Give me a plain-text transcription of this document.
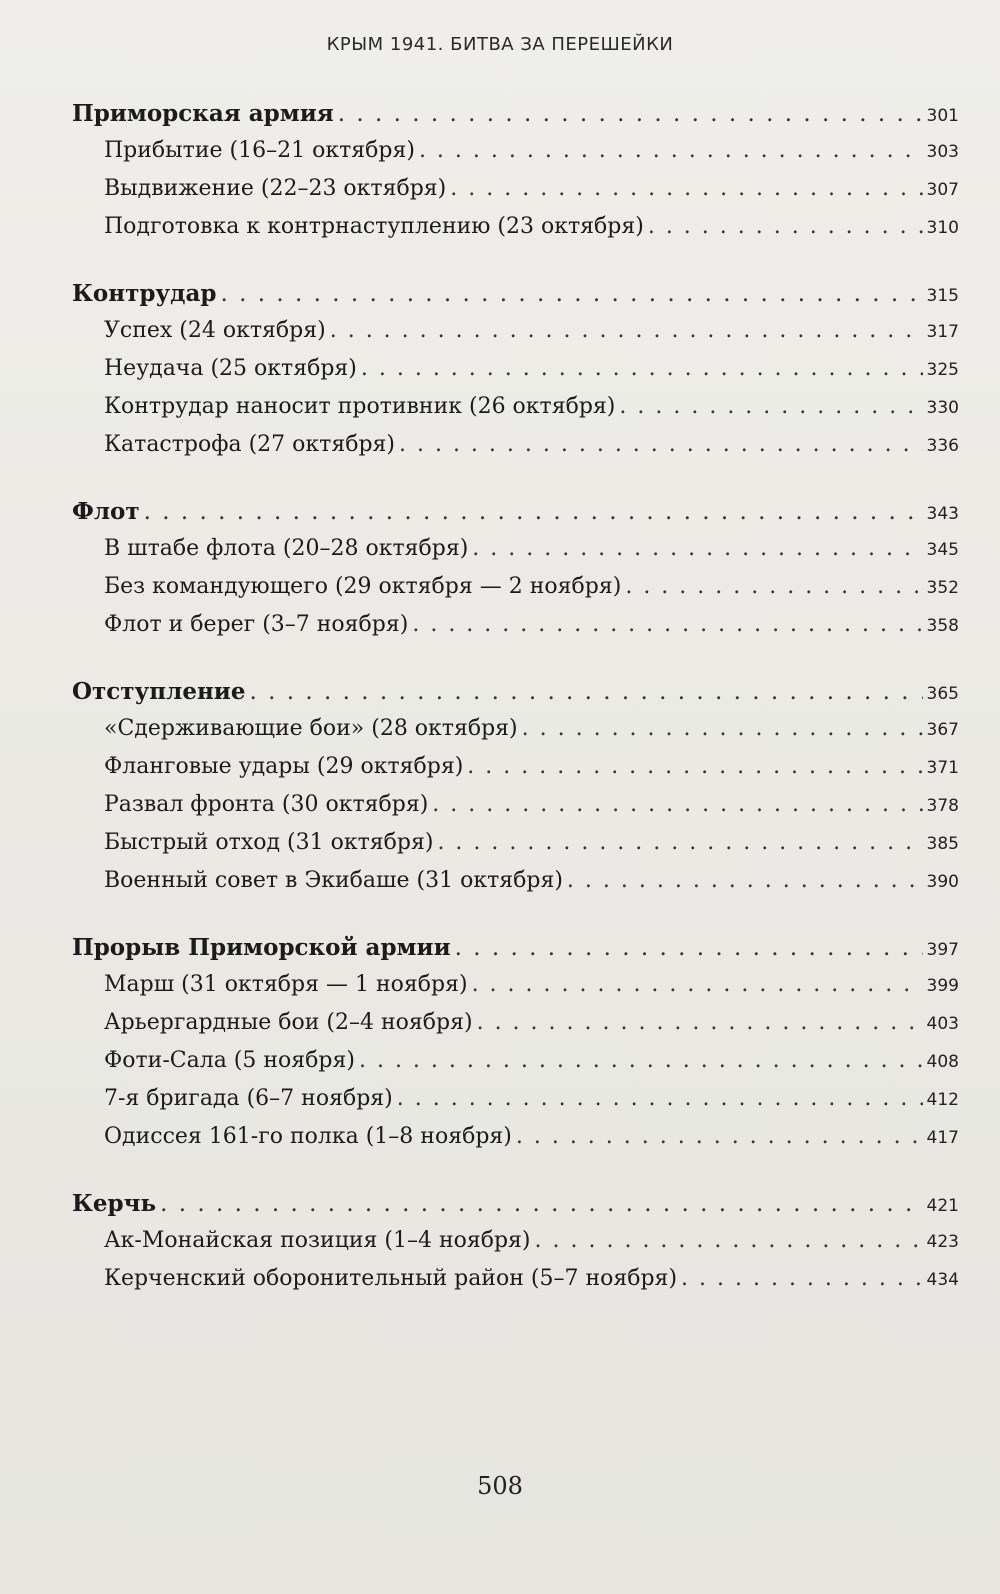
КРЫМ 1941. БИТВА ЗА ПЕРЕШЕЙКИ
Приморская армия . . .	301
Прибытие (16–21 октября) . . .	303
Выдвижение (22–23 октября) . . .	307
Подготовка к контрнаступлению (23 октября) . . .	310
Контрудар . . .	315
Успех (24 октября) . . .	317
Неудача (25 октября) . . .	325
Контрудар наносит противник (26 октября) . . .	330
Катастрофа (27 октября) . . .	336
Флот . . .	343
В штабе флота (20–28 октября) . . .	345
Без командующего (29 октября — 2 ноября) . . .	352
Флот и берег (3–7 ноября) . . .	358
Отступление . . .	365
«Сдерживающие бои» (28 октября) . . .	367
Фланговые удары (29 октября) . . .	371
Развал фронта (30 октября) . . .	378
Быстрый отход (31 октября) . . .	385
Военный совет в Экибаше (31 октября) . . .	390
Прорыв Приморской армии . . .	397
Марш (31 октября — 1 ноября) . . .	399
Арьергардные бои (2–4 ноября) . . .	403
Фоти-Сала (5 ноября) . . .	408
7-я бригада (6–7 ноября) . . .	412
Одиссея 161-го полка (1–8 ноября) . . .	417
Керчь . . .	421
Ак-Монайская позиция (1–4 ноября) . . .	423
Керченский оборонительный район (5–7 ноября) . . .	434
508
